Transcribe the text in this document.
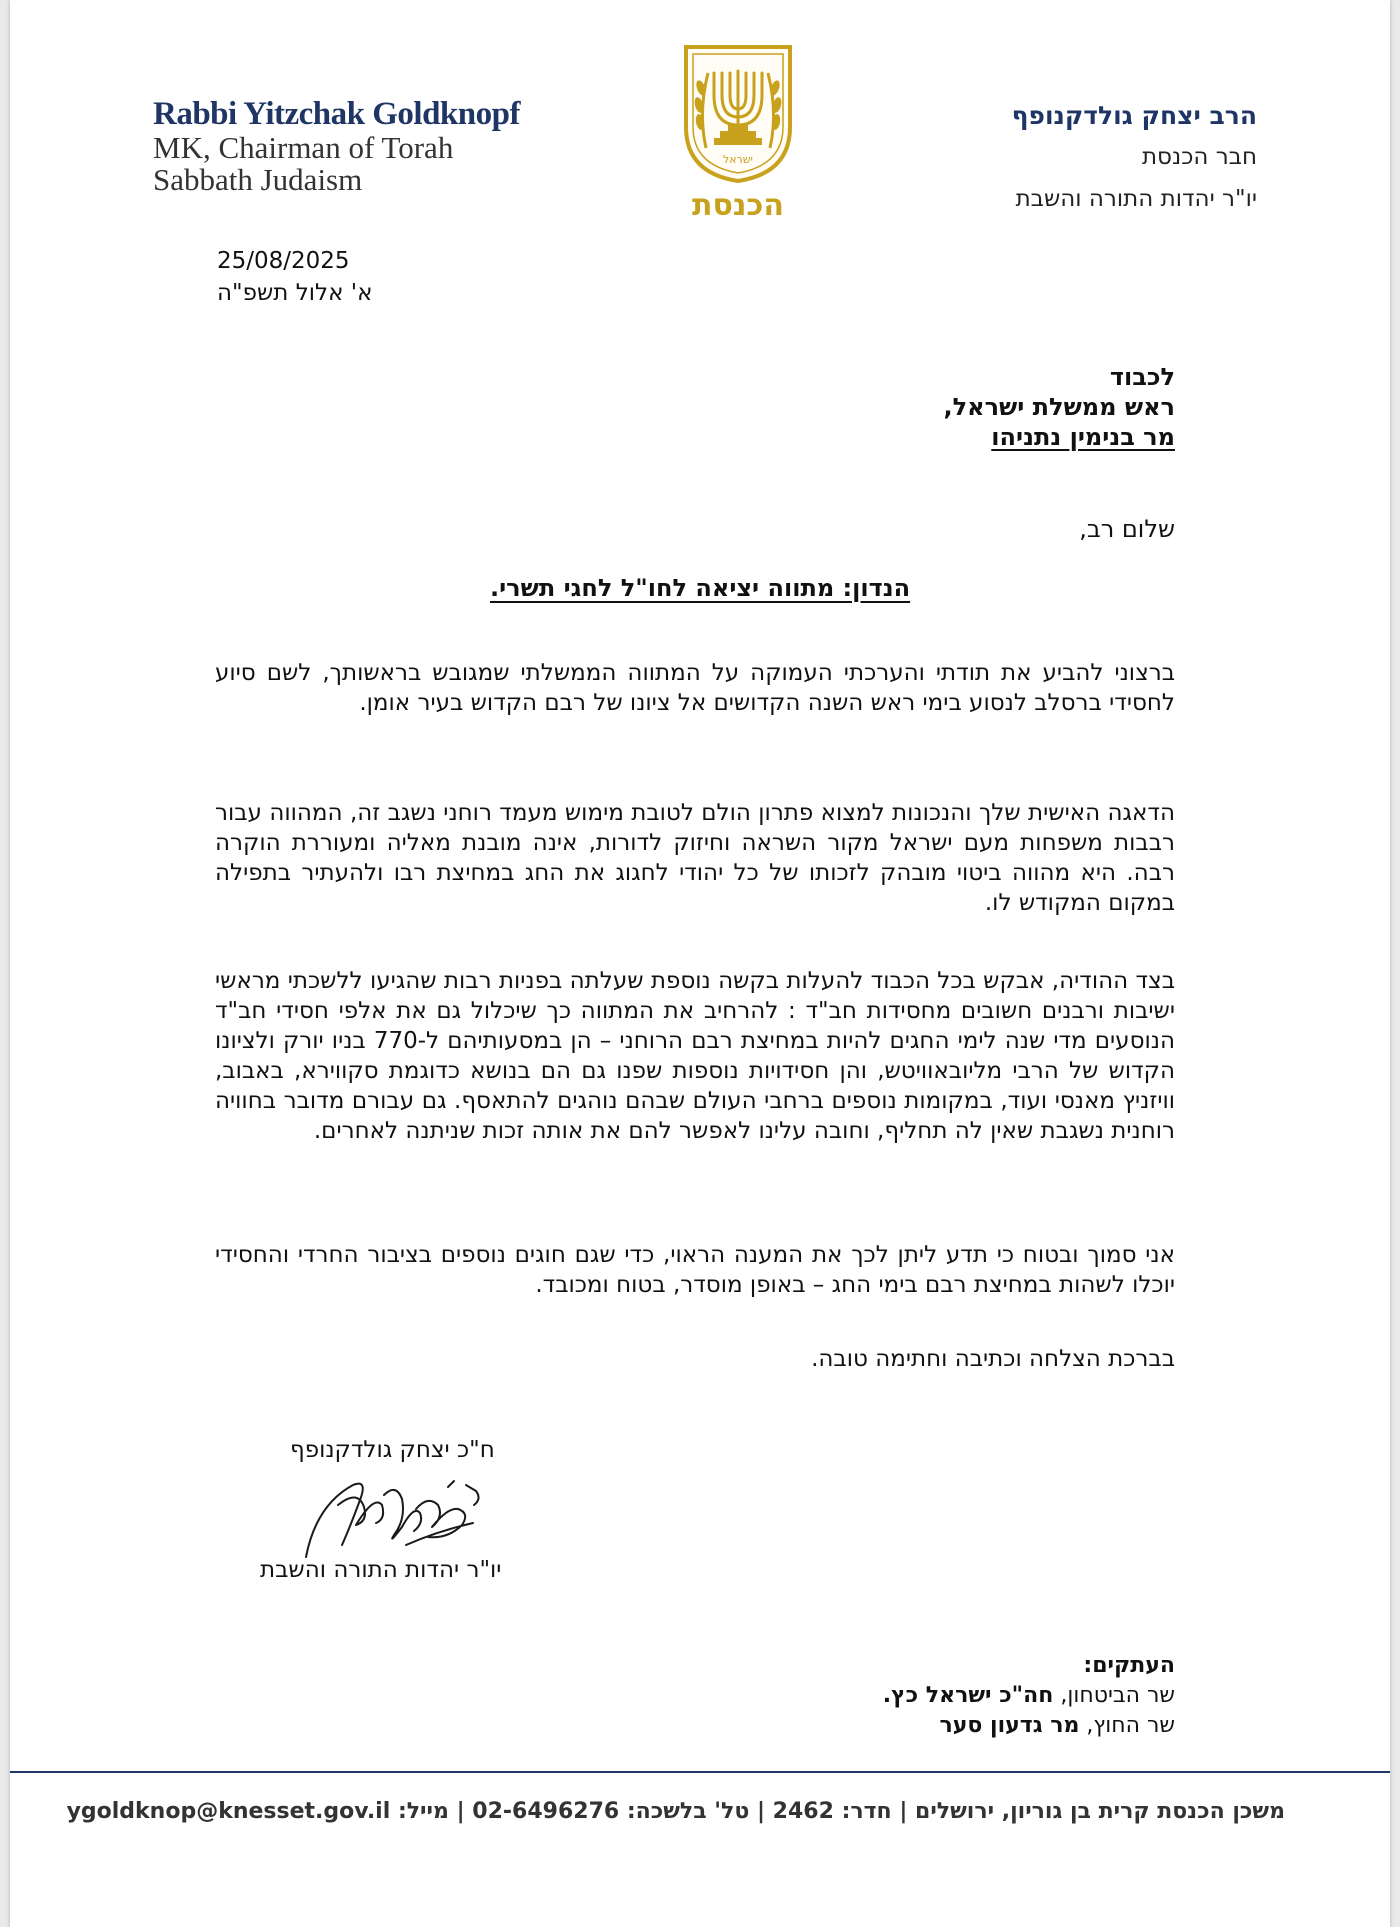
Rabbi Yitzchak Goldknopf
MK, Chairman of Torah
Sabbath Judaism
ישראל
הכנסת
הרב יצחק גולדקנופף
חבר הכנסת
יו"ר יהדות התורה והשבת
25/08/2025
א' אלול תשפ"ה
לכבוד
ראש ממשלת ישראל,
מר בנימין נתניהו
שלום רב,
הנדון: מתווה יציאה לחו"ל לחגי תשרי.

ברצוני להביע את תודתי והערכתי העמוקה על המתווה הממשלתי שמגובש בראשותך, לשם סיוע לחסידי ברסלב לנסוע בימי ראש השנה הקדושים אל ציונו של רבם הקדוש בעיר אומן.

הדאגה האישית שלך והנכונות למצוא פתרון הולם לטובת מימוש מעמד רוחני נשגב זה, המהווה עבור רבבות משפחות מעם ישראל מקור השראה וחיזוק לדורות, אינה מובנת מאליה ומעוררת הוקרה רבה. היא מהווה ביטוי מובהק לזכותו של כל יהודי לחגוג את החג במחיצת רבו ולהעתיר בתפילה במקום המקודש לו.

בצד ההודיה, אבקש בכל הכבוד להעלות בקשה נוספת שעלתה בפניות רבות שהגיעו ללשכתי מראשי ישיבות ורבנים חשובים מחסידות חב"ד : להרחיב את המתווה כך שיכלול גם את אלפי חסידי חב"ד הנוסעים מדי שנה לימי החגים להיות במחיצת רבם הרוחני – הן במסעותיהם ל-770 בניו יורק ולציונו הקדוש של הרבי מליובאוויטש, והן חסידויות נוספות שפנו גם הם בנושא כדוגמת סקווירא, באבוב, וויזניץ מאנסי ועוד, במקומות נוספים ברחבי העולם שבהם נוהגים להתאסף. גם עבורם מדובר בחוויה רוחנית נשגבת שאין לה תחליף, וחובה עלינו לאפשר להם את אותה זכות שניתנה לאחרים.

אני סמוך ובטוח כי תדע ליתן לכך את המענה הראוי, כדי שגם חוגים נוספים בציבור החרדי והחסידי יוכלו לשהות במחיצת רבם בימי החג – באופן מוסדר, בטוח ומכובד.

בברכת הצלחה וכתיבה וחתימה טובה.

ח"כ יצחק גולדקנופף
יו"ר יהדות התורה והשבת
העתקים:
שר הביטחון, חה"כ ישראל כץ.
שר החוץ, מר גדעון סער
משכן הכנסת קרית בן גוריון, ירושלים | חדר: 2462 | טל' בלשכה: 02-6496276 | מייל: ygoldknop@knesset.gov.il
